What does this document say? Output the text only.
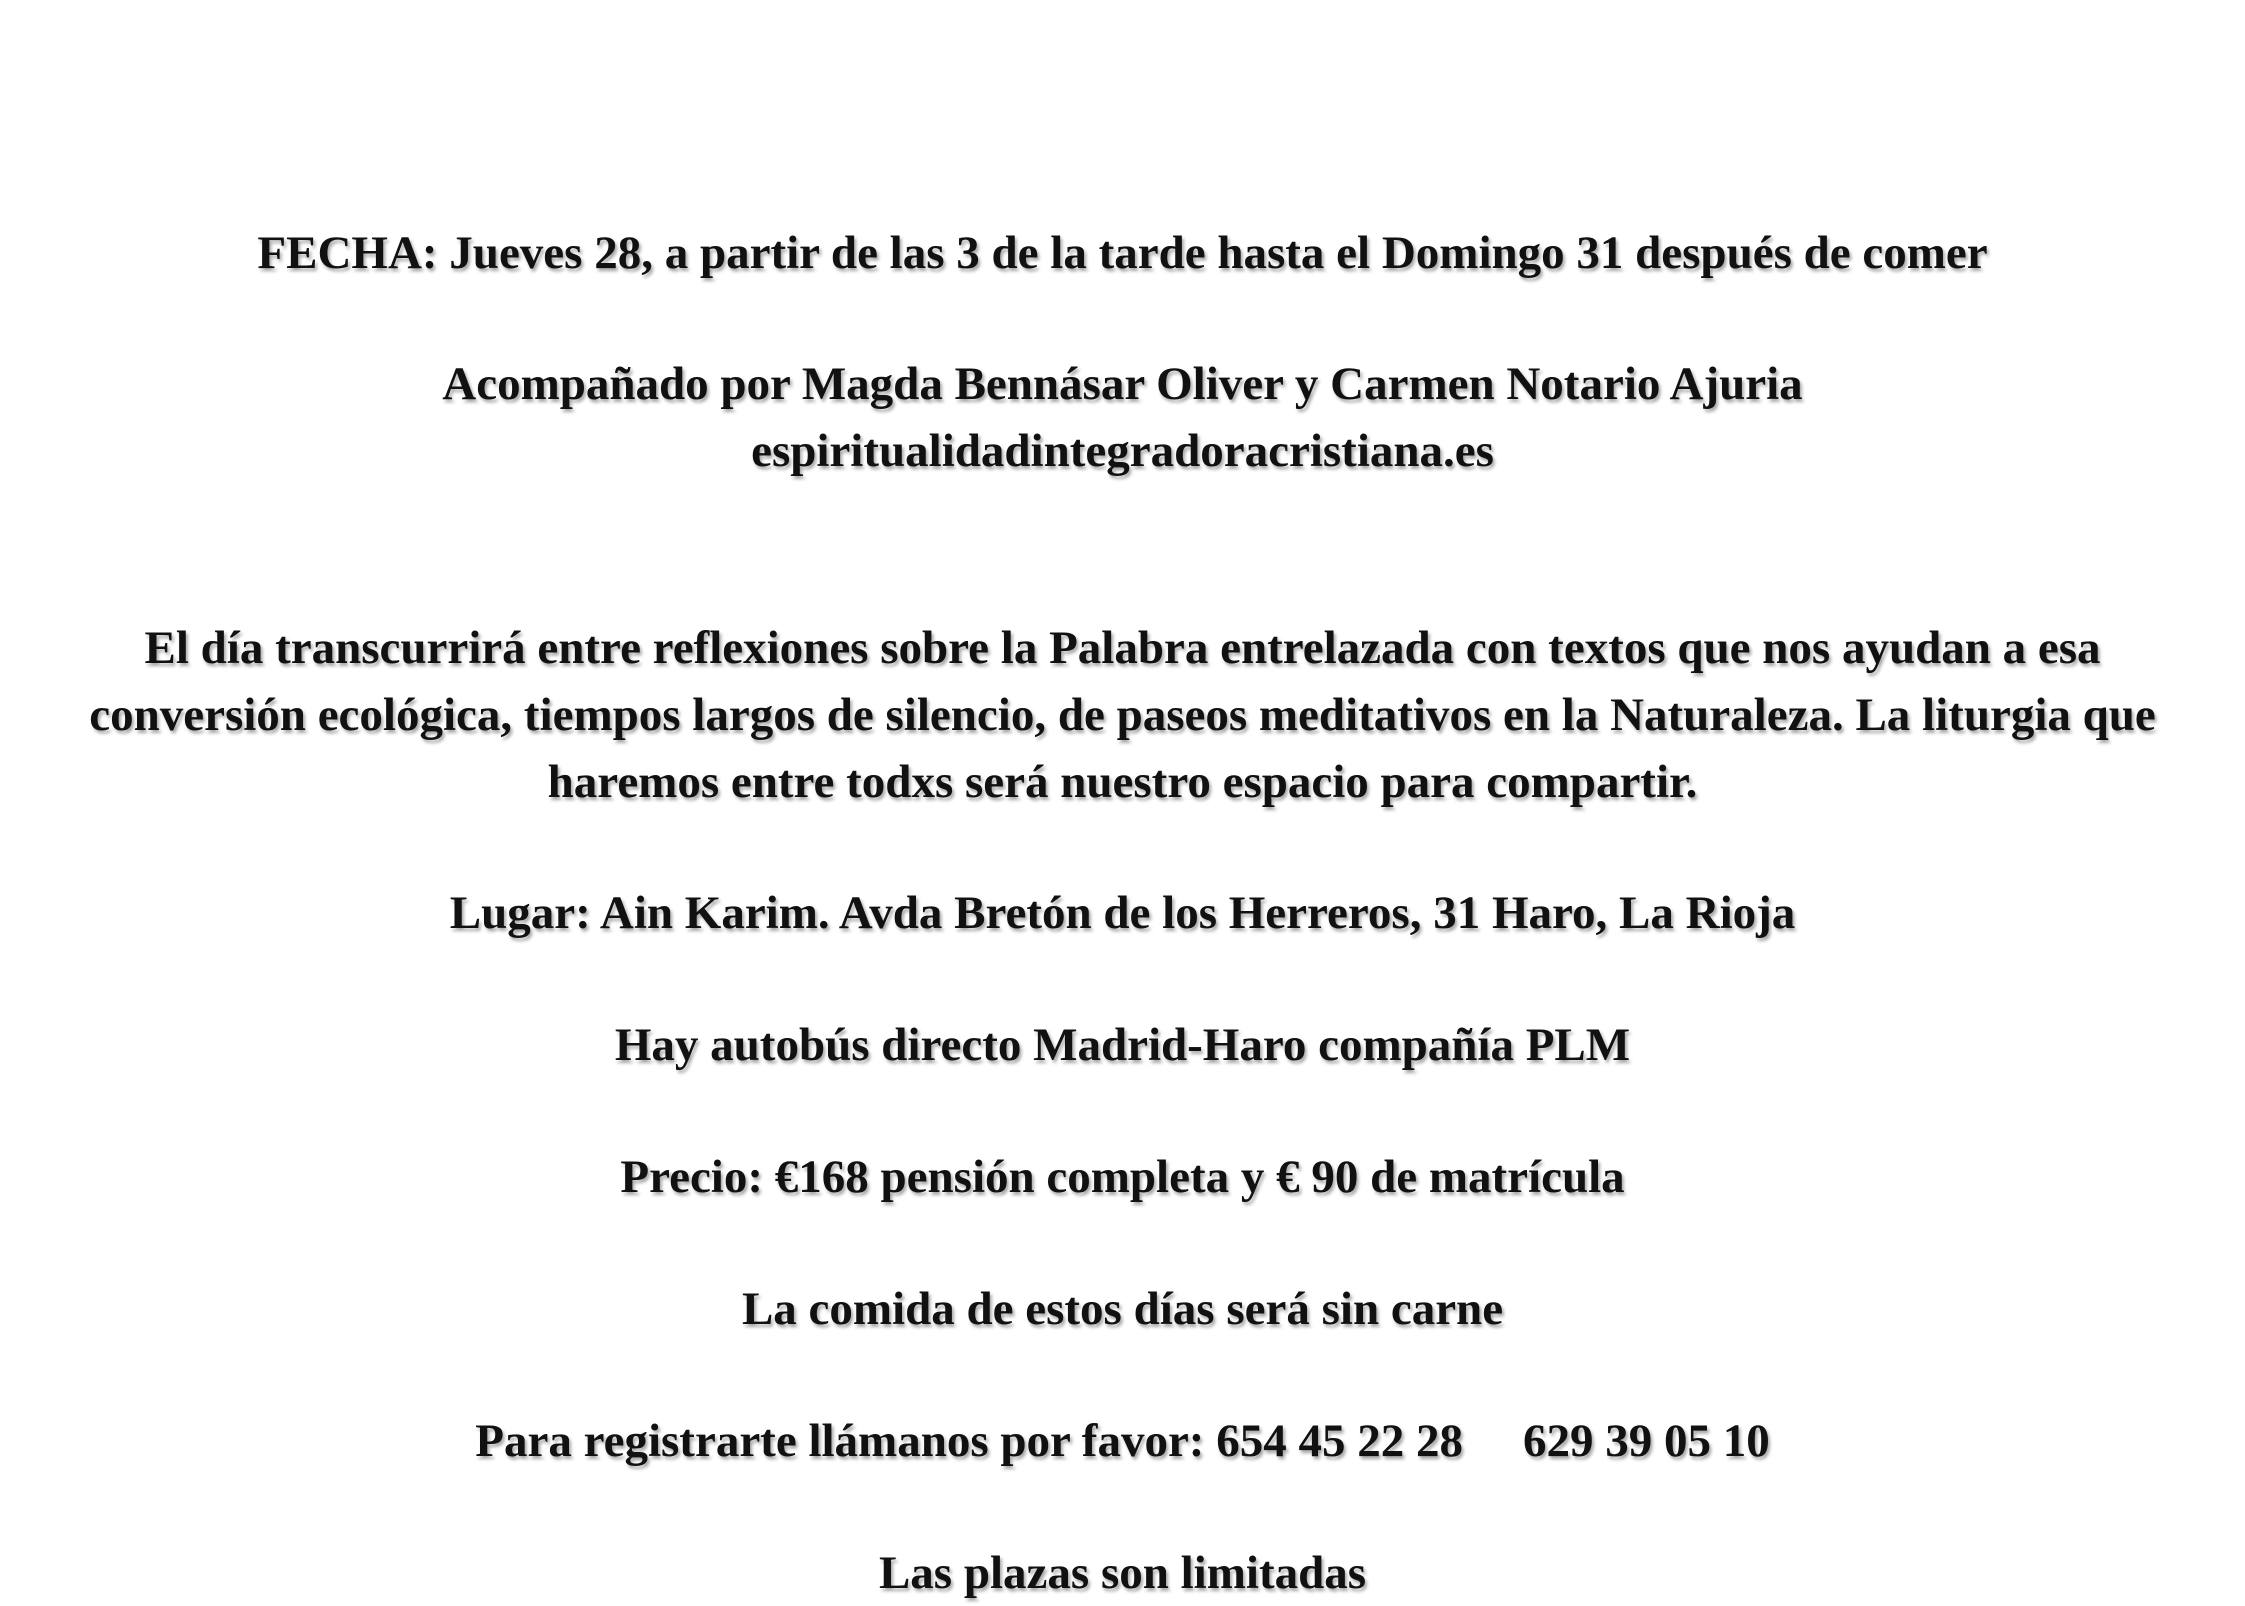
FECHA: Jueves 28, a partir de las 3 de la tarde hasta el Domingo 31 después de comer
Acompañado por Magda Bennásar Oliver y Carmen Notario Ajuria
espiritualidadintegradoracristiana.es
El día transcurrirá entre reflexiones sobre la Palabra entrelazada con textos que nos ayudan a esa
conversión ecológica, tiempos largos de silencio, de paseos meditativos en la Naturaleza. La liturgia que
haremos entre todxs será nuestro espacio para compartir.
Lugar: Ain Karim. Avda Bretón de los Herreros, 31 Haro, La Rioja
Hay autobús directo Madrid-Haro compañía PLM
Precio: €168 pensión completa y € 90 de matrícula
La comida de estos días será sin carne
Para registrarte llámanos por favor: 654 45 22 28 629 39 05 10
Las plazas son limitadas
